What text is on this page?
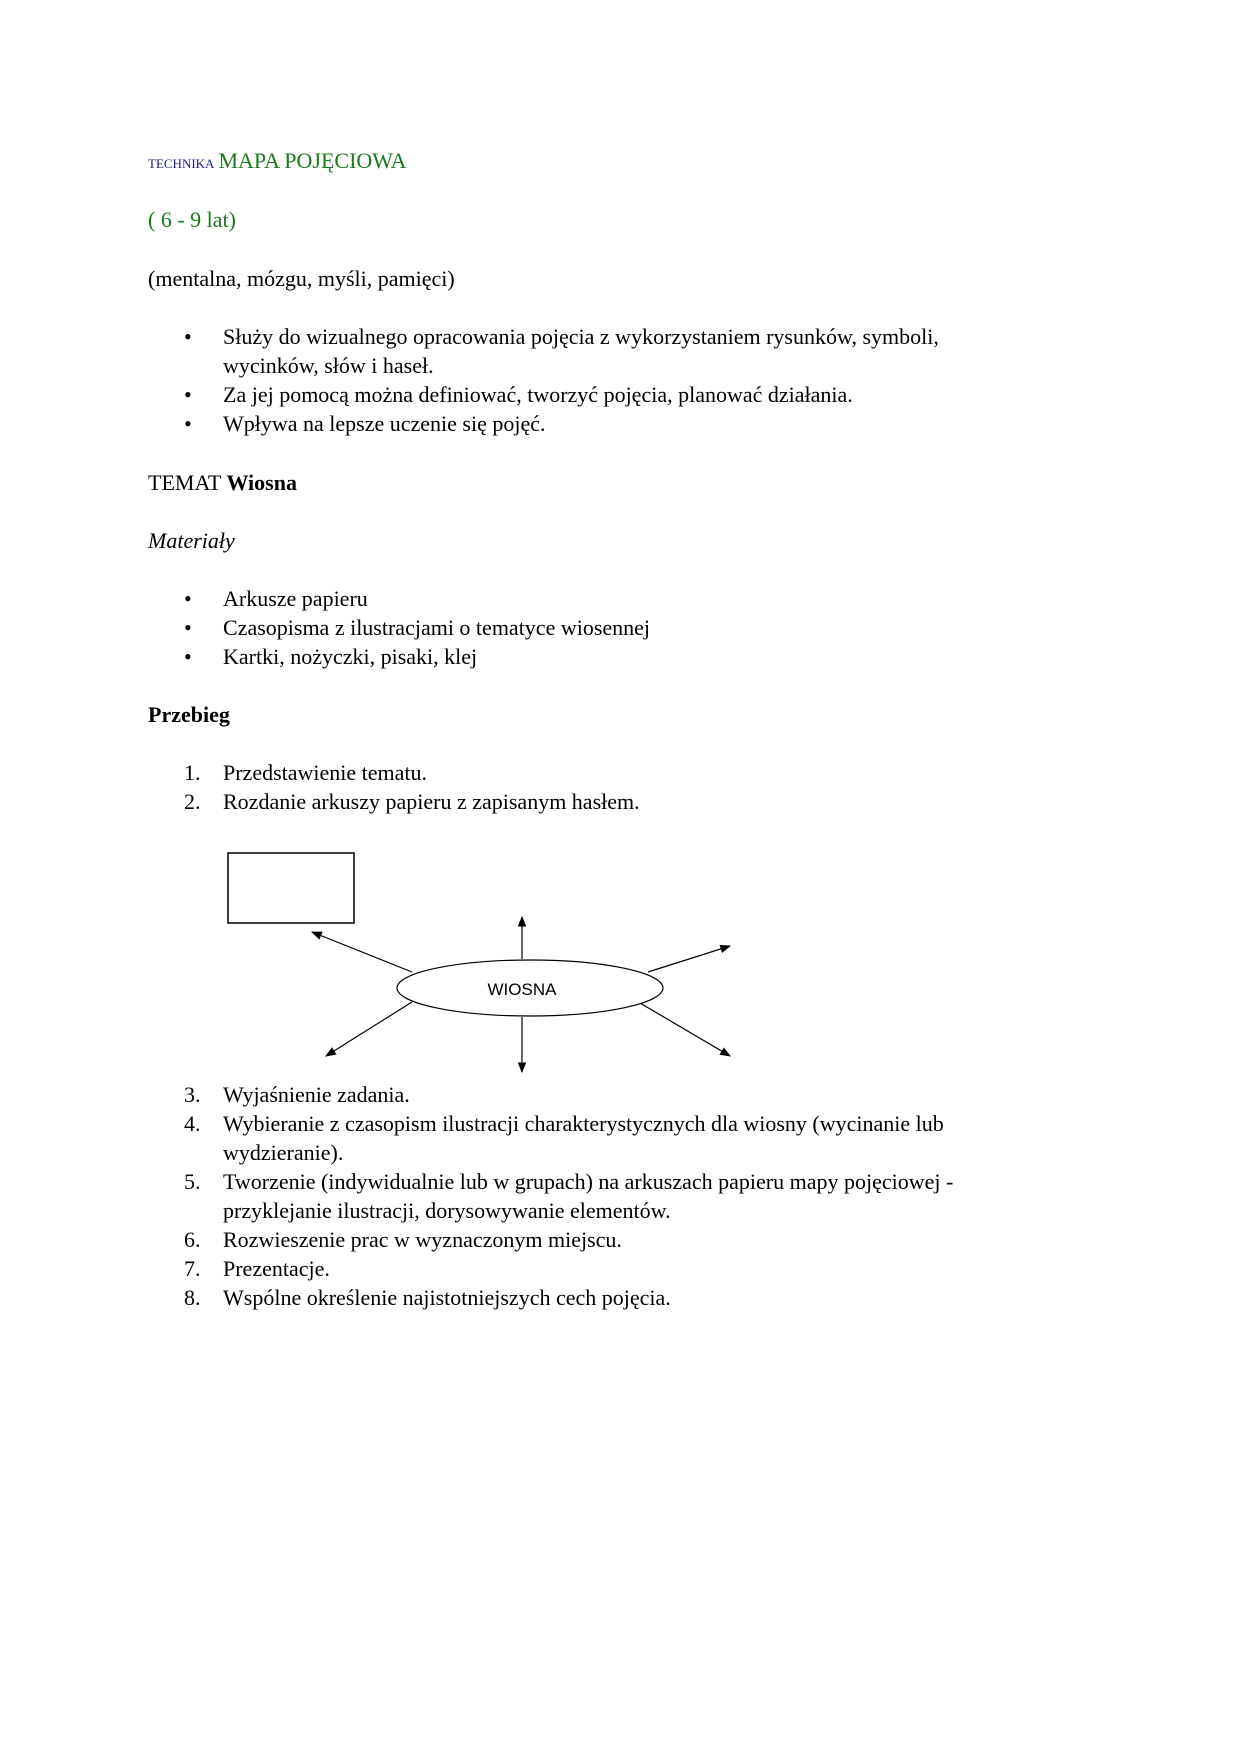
TECHNIKA MAPA POJĘCIOWA
( 6 - 9 lat)
(mentalna, mózgu, myśli, pamięci)
• Służy do wizualnego opracowania pojęcia z wykorzystaniem rysunków, symboli,
wycinków, słów i haseł.
• Za jej pomocą można definiować, tworzyć pojęcia, planować działania.
• Wpływa na lepsze uczenie się pojęć.
TEMAT Wiosna
Materiały
• Arkusze papieru
• Czasopisma z ilustracjami o tematyce wiosennej
• Kartki, nożyczki, pisaki, klej
Przebieg
1. Przedstawienie tematu.
2. Rozdanie arkuszy papieru z zapisanym hasłem.
WIOSNA
3. Wyjaśnienie zadania.
4. Wybieranie z czasopism ilustracji charakterystycznych dla wiosny (wycinanie lub
wydzieranie).
5. Tworzenie (indywidualnie lub w grupach) na arkuszach papieru mapy pojęciowej -
przyklejanie ilustracji, dorysowywanie elementów.
6. Rozwieszenie prac w wyznaczonym miejscu.
7. Prezentacje.
8. Wspólne określenie najistotniejszych cech pojęcia.
